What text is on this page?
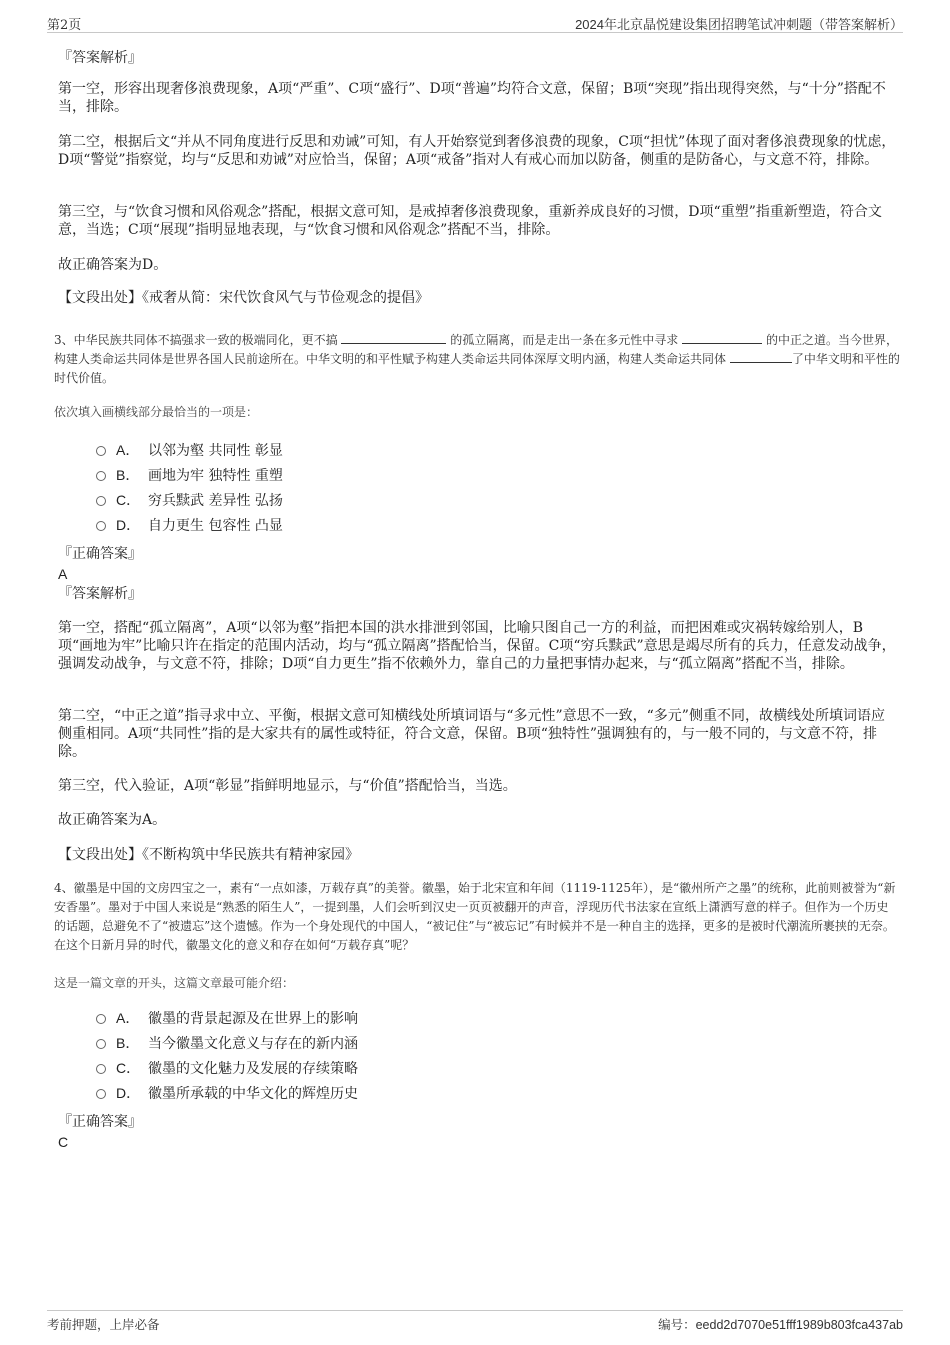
第2页	2024年北京晶悦建设集团招聘笔试冲刺题（带答案解析）
『答案解析』
第一空，形容出现奢侈浪费现象，A项“严重”、C项“盛行”、D项“普遍”均符合文意，保留；B项“突现”指出现得突然，与“十分”搭配不当，排除。
第二空，根据后文“并从不同角度进行反思和劝诫”可知，有人开始察觉到奢侈浪费的现象，C项“担忧”体现了面对奢侈浪费现象的忧虑，D项“警觉”指察觉，均与“反思和劝诫”对应恰当，保留；A项“戒备”指对人有戒心而加以防备，侧重的是防备心，与文意不符，排除。
第三空，与“饮食习惯和风俗观念”搭配，根据文意可知，是戒掉奢侈浪费现象，重新养成良好的习惯，D项“重塑”指重新塑造，符合文意，当选；C项“展现”指明显地表现，与“饮食习惯和风俗观念”搭配不当，排除。
故正确答案为D。
【文段出处】《戒奢从简：宋代饮食风气与节俭观念的提倡》
3、中华民族共同体不搞强求一致的极端同化，更不搞	的孤立隔离，而是走出一条在多元性中寻求	的中正之道。当今世界，构建人类命运共同体是世界各国人民前途所在。中华文明的和平性赋予构建人类命运共同体深厚文明内涵，构建人类命运共同体	了中华文明和平性的时代价值。
依次填入画横线部分最恰当的一项是：
A． 以邻为壑 共同性 彰显
B． 画地为牢 独特性 重塑
C． 穷兵黩武 差异性 弘扬
D． 自力更生 包容性 凸显
『正确答案』
A
『答案解析』
第一空，搭配“孤立隔离”，A项“以邻为壑”指把本国的洪水排泄到邻国，比喻只图自己一方的利益，而把困难或灾祸转嫁给别人，B项“画地为牢”比喻只许在指定的范围内活动，均与“孤立隔离”搭配恰当，保留。C项“穷兵黩武”意思是竭尽所有的兵力，任意发动战争，强调发动战争，与文意不符，排除；D项“自力更生”指不依赖外力，靠自己的力量把事情办起来，与“孤立隔离”搭配不当，排除。
第二空，“中正之道”指寻求中立、平衡，根据文意可知横线处所填词语与“多元性”意思不一致，“多元”侧重不同，故横线处所填词语应侧重相同。A项“共同性”指的是大家共有的属性或特征，符合文意，保留。B项“独特性”强调独有的，与一般不同的，与文意不符，排除。
第三空，代入验证，A项“彰显”指鲜明地显示，与“价值”搭配恰当，当选。
故正确答案为A。
【文段出处】《不断构筑中华民族共有精神家园》
4、徽墨是中国的文房四宝之一，素有“一点如漆，万载存真”的美誉。徽墨，始于北宋宣和年间（1119-1125年），是“徽州所产之墨”的统称，此前则被誉为“新安香墨”。墨对于中国人来说是“熟悉的陌生人”，一提到墨，人们会听到汉史一页页被翻开的声音，浮现历代书法家在宣纸上潇洒写意的样子。但作为一个历史的话题，总避免不了“被遗忘”这个遗憾。作为一个身处现代的中国人，“被记住”与“被忘记”有时候并不是一种自主的选择，更多的是被时代潮流所裹挟的无奈。在这个日新月异的时代，徽墨文化的意义和存在如何“万载存真”呢？
这是一篇文章的开头，这篇文章最可能介绍：
A． 徽墨的背景起源及在世界上的影响
B． 当今徽墨文化意义与存在的新内涵
C． 徽墨的文化魅力及发展的存续策略
D． 徽墨所承载的中华文化的辉煌历史
『正确答案』
C
考前押题，上岸必备	编号：eedd2d7070e51fff1989b803fca437ab
